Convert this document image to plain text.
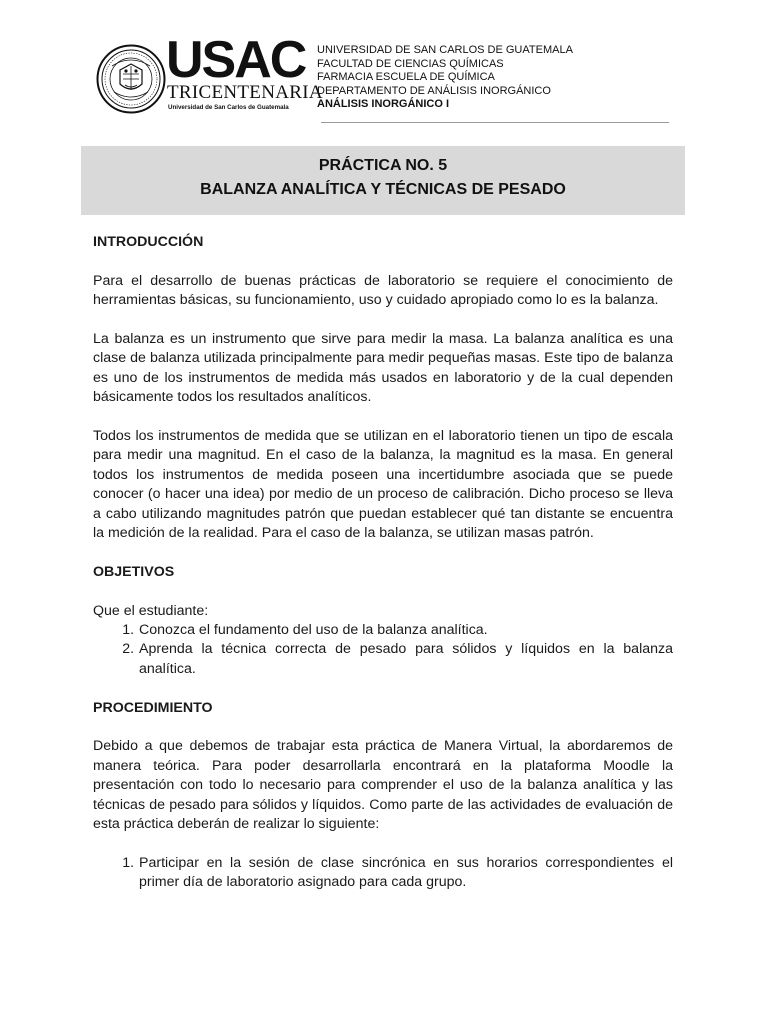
USAC
TRICENTENARIA
Universidad de San Carlos de Guatemala
UNIVERSIDAD DE SAN CARLOS DE GUATEMALA
FACULTAD DE CIENCIAS QUÍMICAS
FARMACIA ESCUELA DE QUÍMICA
DEPARTAMENTO DE ANÁLISIS INORGÁNICO
ANÁLISIS INORGÁNICO I
PRÁCTICA NO. 5
BALANZA ANALÍTICA Y TÉCNICAS DE PESADO
INTRODUCCIÓN

Para el desarrollo de buenas prácticas de laboratorio se requiere el conocimiento de herramientas básicas, su funcionamiento, uso y cuidado apropiado como lo es la balanza.

La balanza es un instrumento que sirve para medir la masa. La balanza analítica es una clase de balanza utilizada principalmente para medir pequeñas masas. Este tipo de balanza es uno de los instrumentos de medida más usados en laboratorio y de la cual dependen básicamente todos los resultados analíticos.

Todos los instrumentos de medida que se utilizan en el laboratorio tienen un tipo de escala para medir una magnitud. En el caso de la balanza, la magnitud es la masa. En general todos los instrumentos de medida poseen una incertidumbre asociada que se puede conocer (o hacer una idea) por medio de un proceso de calibración. Dicho proceso se lleva a cabo utilizando magnitudes patrón que puedan establecer qué tan distante se encuentra la medición de la realidad. Para el caso de la balanza, se utilizan masas patrón.

OBJETIVOS

Que el estudiante:

1. Conozca el fundamento del uso de la balanza analítica.
2. Aprenda la técnica correcta de pesado para sólidos y líquidos en la balanza analítica.
PROCEDIMIENTO

Debido a que debemos de trabajar esta práctica de Manera Virtual, la abordaremos de manera teórica. Para poder desarrollarla encontrará en la plataforma Moodle la presentación con todo lo necesario para comprender el uso de la balanza analítica y las técnicas de pesado para sólidos y líquidos. Como parte de las actividades de evaluación de esta práctica deberán de realizar lo siguiente:

1. Participar en la sesión de clase sincrónica en sus horarios correspondientes el primer día de laboratorio asignado para cada grupo.
